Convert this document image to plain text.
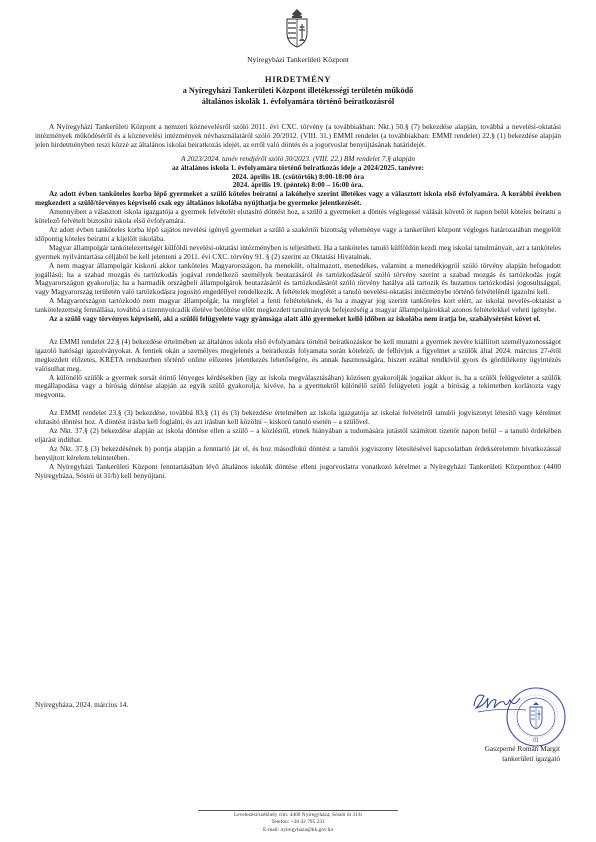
Nyíregyházi Tankerületi Központ
HIRDETMÉNY
a Nyíregyházi Tankerületi Központ illetékességi területén működő
általános iskolák 1. évfolyamára történő beiratkozásról

A Nyíregyházi Tankerületi Központ a nemzeti köznevelésről szóló 2011. évi CXC. törvény (a továbbiakban: Nkt.) 50.§ (7) bekezdése alapján, továbbá a nevelési-oktatási intézmények működéséről és a köznevelési intézmények névhasználatáról szóló 20/2012. (VIII. 31.) EMMI rendelet (a továbbiakban: EMMI rendelet) 22.§ (1) bekezdése alapján jelen hirdetményben teszi közzé az általános iskolai beiratkozás idejét, az erről való döntés és a jogorvoslat benyújtásának határidejét.

A 2023/2024. tanév rendjéről szóló 30/2023. (VIII. 22.) BM rendelet 7.§ alapján

az általános iskola 1. évfolyamára történő beiratkozás ideje a 2024/2025. tanévre:

2024. április 18. (csütörtök) 8:00-18:00 óra

2024. április 19. (péntek) 8:00 – 16:00 óra.

Az adott évben tanköteles korba lépő gyermeket a szülő köteles beíratni a lakóhelye szerint illetékes vagy a választott iskola első évfolyamára. A korábbi években megkezdett a szülő/törvényes képviselő csak egy általános iskolába nyújthatja be gyermeke jelentkezését.

Amennyiben a választott iskola igazgatója a gyermek felvételét elutasító döntést hoz, a szülő a gyermeket a döntés véglegessé válását követő öt napon belül köteles beíratni a kötelező felvételt biztosító iskola első évfolyamára.

Az adott évben tanköteles korba lépő sajátos nevelési igényű gyermeket a szülő a szakértői bizottság véleménye vagy a tankerületi központ végleges határozatában megjelölt időpontig köteles beíratni a kijelölt iskolába.

Magyar állampolgár tankötelezettségét külföldi nevelési-oktatási intézményben is teljesítheti. Ha a tanköteles tanuló külföldön kezdi meg iskolai tanulmányait, azt a tanköteles gyermek nyilvántartása céljából be kell jelenteni a 2011. évi CXC. törvény 91. § (2) szerint az Oktatási Hivatalnak.

A nem magyar állampolgár kiskorú akkor tanköteles Magyarországon, ha menekült, oltalmazott, menedékes, valamint a menedékjogról szóló törvény alapján befogadott jogállású; ha a szabad mozgás és tartózkodás jogával rendelkező személyek beutazásáról és tartózkodásáról szóló törvény szerint a szabad mozgás és tartózkodás jogát Magyarországon gyakorolja; ha a harmadik országbeli állampolgárok beutazásáról és tartózkodásáról szóló törvény hatálya alá tartozik és huzamos tartózkodási jogosultsággal, vagy Magyarország területén való tartózkodásra jogosító engedéllyel rendelkezik. A feltételek meglétét a tanuló nevelési-oktatási intézménybe történő felvételénél igazolni kell.

A Magyarországon tartózkodó nem magyar állampolgár, ha megfelel a fenti feltételeknek, és ha a magyar jog szerint tanköteles kort elért, az iskolai nevelés-oktatást a tankötelezettség fennállása, továbbá a tizennyolcadik életéve betöltése előtt megkezdett tanulmányok befejezéséig a magyar állampolgárokkal azonos feltételekkel veheti igénybe.

Az a szülő vagy törvényes képviselő, aki a szülői felügyelete vagy gyámsága alatt álló gyermeket kellő időben az iskolába nem íratja be, szabálysértést követ el.

Az EMMI rendelet 22.§ (4) bekezdése értelmében az általános iskola első évfolyamára történő beiratkozáskor be kell mutatni a gyermek nevére kiállított személyazonosságot igazoló hatósági igazolványokat. A fentiek okán a személyes megjelenés a beiratkozás folyamata során kötelező, de felhívjuk a figyelmet a szülők által 2024. március 27-étől megkezdett előzetes, KRÉTA rendszerben történő online előzetes jelentkezés lehetőségére, és annak hasznosságára, hiszen ezáltal rendkívül gyors és gördülékeny ügyintézés valósulhat meg.

A különélő szülők a gyermek sorsát érintő lényeges kérdésekben (így az iskola megválasztásában) közösen gyakorolják jogaikat akkor is, ha a szülői felügyeletet a szülők megállapodása vagy a bíróság döntése alapján az egyik szülő gyakorolja, kivéve, ha a gyermektől különélő szülő felügyeleti jogát a bíróság a tekintetben korlátozta vagy megvonta.

Az EMMI rendelet 23.§ (3) bekezdése, továbbá 83.§ (1) és (3) bekezdése értelmében az iskola igazgatója az iskolai felvételről tanulói jogviszonyt létesítő vagy kérelmet elutasító döntést hoz. A döntést írásba kell foglalni, és azt írásban kell közölni – kiskorú tanuló esetén – a szülővel.

Az Nkt. 37.§ (2) bekezdése alapján az iskola döntése ellen a szülő – a közléstől, ennek hiányában a tudomására jutástól számított tizenöt napon belül – a tanuló érdekében eljárást indíthat.

Az Nkt. 37.§ (3) bekezdésének b) pontja alapján a fenntartó jár el, és hoz másodfokú döntést a tanulói jogviszony létesítésével kapcsolatban érdeksérelemre hivatkozással benyújtott kérelem tekintetében.

A Nyíregyházi Tankerületi Központ fenntartásában lévő általános iskolák döntése elleni jogorvoslatra vonatkozó kérelmet a Nyíregyházi Tankerületi Központhoz (4400 Nyíregyháza, Sóstói út 31/b) kell benyújtani.

Nyíregyháza, 2024. március 14.
01
Gaszperné Román Margit
tankerületi igazgató
Levelezési/székhely cím: 4400 Nyíregyháza, Sóstói út 31/b
Telefon: +36 42 795 231
E-mail: nyiregyhaza@kk.gov.hu
